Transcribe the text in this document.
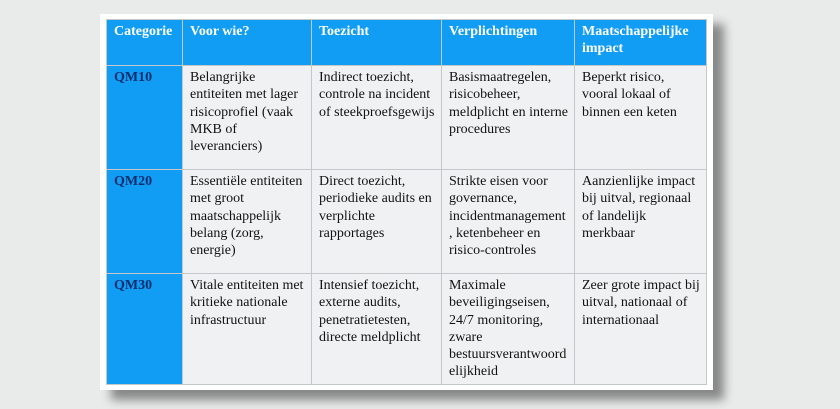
Categorie	Voor wie?	Toezicht	Verplichtingen	Maatschappelijke impact
QM10	Belangrijke entiteiten met lager risicoprofiel (vaak MKB of leveranciers)	Indirect toezicht, controle na incident of steekproefsgewijs	Basismaatregelen, risicobeheer, meldplicht en interne procedures	Beperkt risico, vooral lokaal of binnen een keten
QM20	Essentiële entiteiten met groot maatschappelijk belang (zorg, energie)	Direct toezicht, periodieke audits en verplichte rapportages	Strikte eisen voor governance, incidentmanagement, ketenbeheer en risico-controles	Aanzienlijke impact bij uitval, regionaal of landelijk merkbaar
QM30	Vitale entiteiten met kritieke nationale infrastructuur	Intensief toezicht, externe audits, penetratietesten, directe meldplicht	Maximale beveiligingseisen, 24/7 monitoring, zware bestuursverantwoordelijkheid	Zeer grote impact bij uitval, nationaal of internationaal
